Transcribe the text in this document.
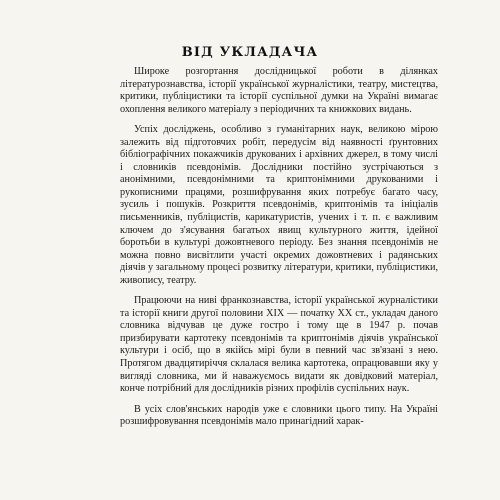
ВІД УКЛАДАЧА

Широке розгортання дослідницької роботи в ділянках літературознавства, історії української журналістики, театру, мистецтва, критики, публіцистики та історії суспільної думки на Україні вимагає охоплення великого матеріалу з періодичних та книжкових видань.

Успіх досліджень, особливо з гуманітарних наук, великою мірою залежить від підготовчих робіт, передусім від наявності ґрунтовних бібліографічних покажчиків друкованих і архівних джерел, в тому числі і словників псевдонімів. Дослідники постійно зустрічаються з анонімними, псевдонімними та криптонімними друкованими і рукописними працями, розшифрування яких потребує багато часу, зусиль і пошуків. Розкриття псевдонімів, криптонімів та ініціалів письменників, публіцистів, карикатуристів, учених і т. п. є важливим ключем до з'ясування багатьох явищ культурного життя, ідейної боротьби в культурі дожовтневого періоду. Без знання псевдонімів не можна повно висвітлити участі окремих дожовтневих і радянських діячів у загальному процесі розвитку літератури, критики, публіцистики, живопису, театру.

Працюючи на ниві франкознавства, історії української журналістики та історії книги другої половини XIX — початку XX ст., укладач даного словника відчував це дуже гостро і тому ще в 1947 р. почав призбирувати картотеку псевдонімів та криптонімів діячів української культури і осіб, що в якійсь мірі були в певний час зв'язані з нею. Протягом двадцятиріччя склалася велика картотека, опрацювавши яку у вигляді словника, ми й наважуємось видати як довідковий матеріал, конче потрібний для дослідників різних профілів суспільних наук.

В усіх слов'янських народів уже є словники цього типу. На Україні розшифровування псевдонімів мало принагідний харак-
